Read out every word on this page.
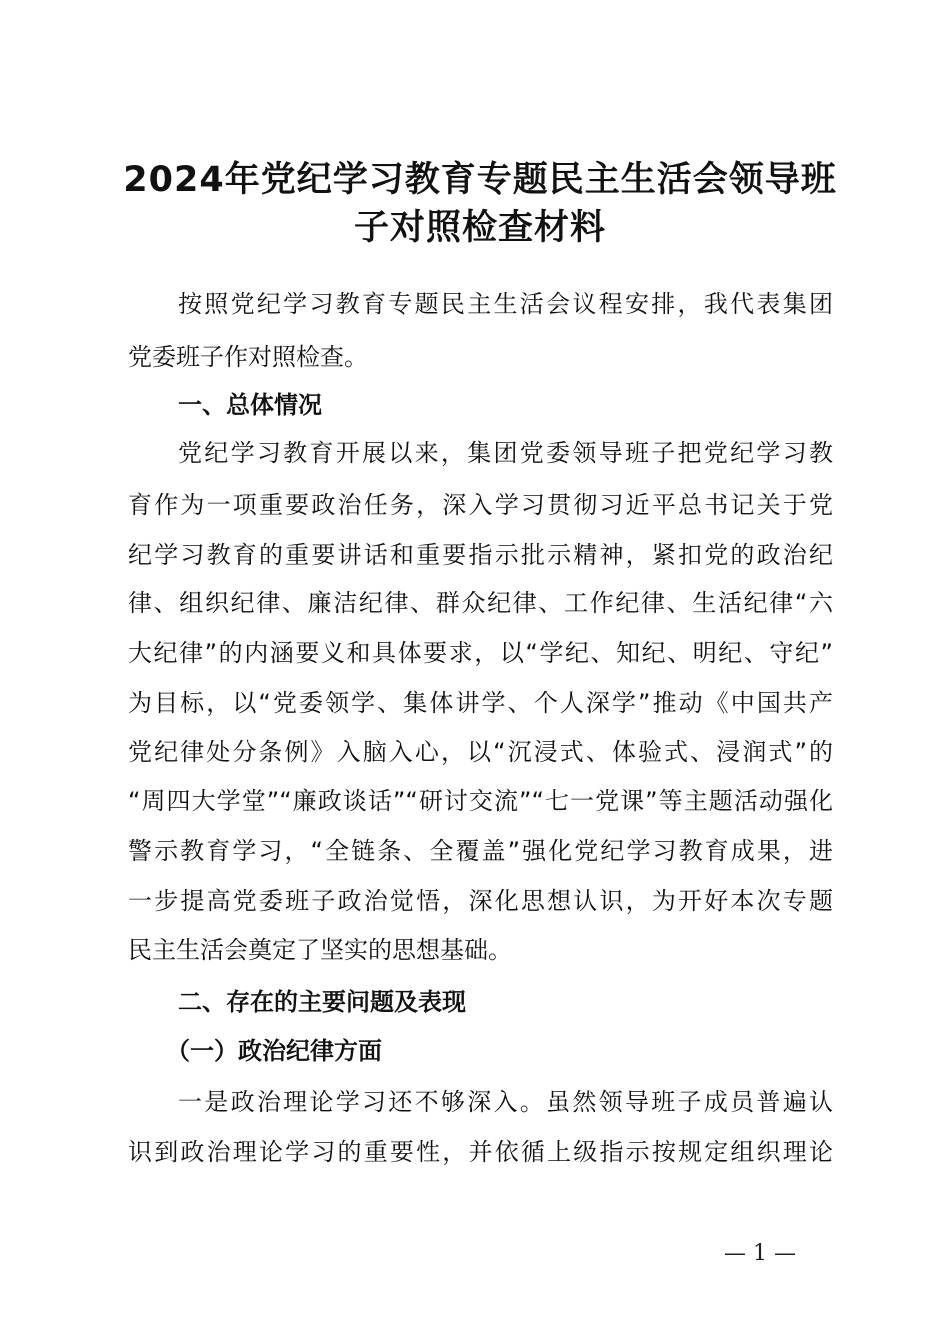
2024年党纪学习教育专题民主生活会领导班
子对照检查材料
按照党纪学习教育专题民主生活会议程安排，我代表集团
党委班子作对照检查。
一、总体情况
党纪学习教育开展以来，集团党委领导班子把党纪学习教
育作为一项重要政治任务，深入学习贯彻习近平总书记关于党
纪学习教育的重要讲话和重要指示批示精神，紧扣党的政治纪
律、组织纪律、廉洁纪律、群众纪律、工作纪律、生活纪律“六
大纪律”的内涵要义和具体要求，以“学纪、知纪、明纪、守纪”
为目标，以“党委领学、集体讲学、个人深学”推动《中国共产
党纪律处分条例》入脑入心，以“沉浸式、体验式、浸润式”的
“周四大学堂”“廉政谈话”“研讨交流”“七一党课”等主题活动强化
警示教育学习，“全链条、全覆盖”强化党纪学习教育成果，进
一步提高党委班子政治觉悟，深化思想认识，为开好本次专题
民主生活会奠定了坚实的思想基础。
二、存在的主要问题及表现
（一）政治纪律方面
一是政治理论学习还不够深入。虽然领导班子成员普遍认
识到政治理论学习的重要性，并依循上级指示按规定组织理论
— 1 —
